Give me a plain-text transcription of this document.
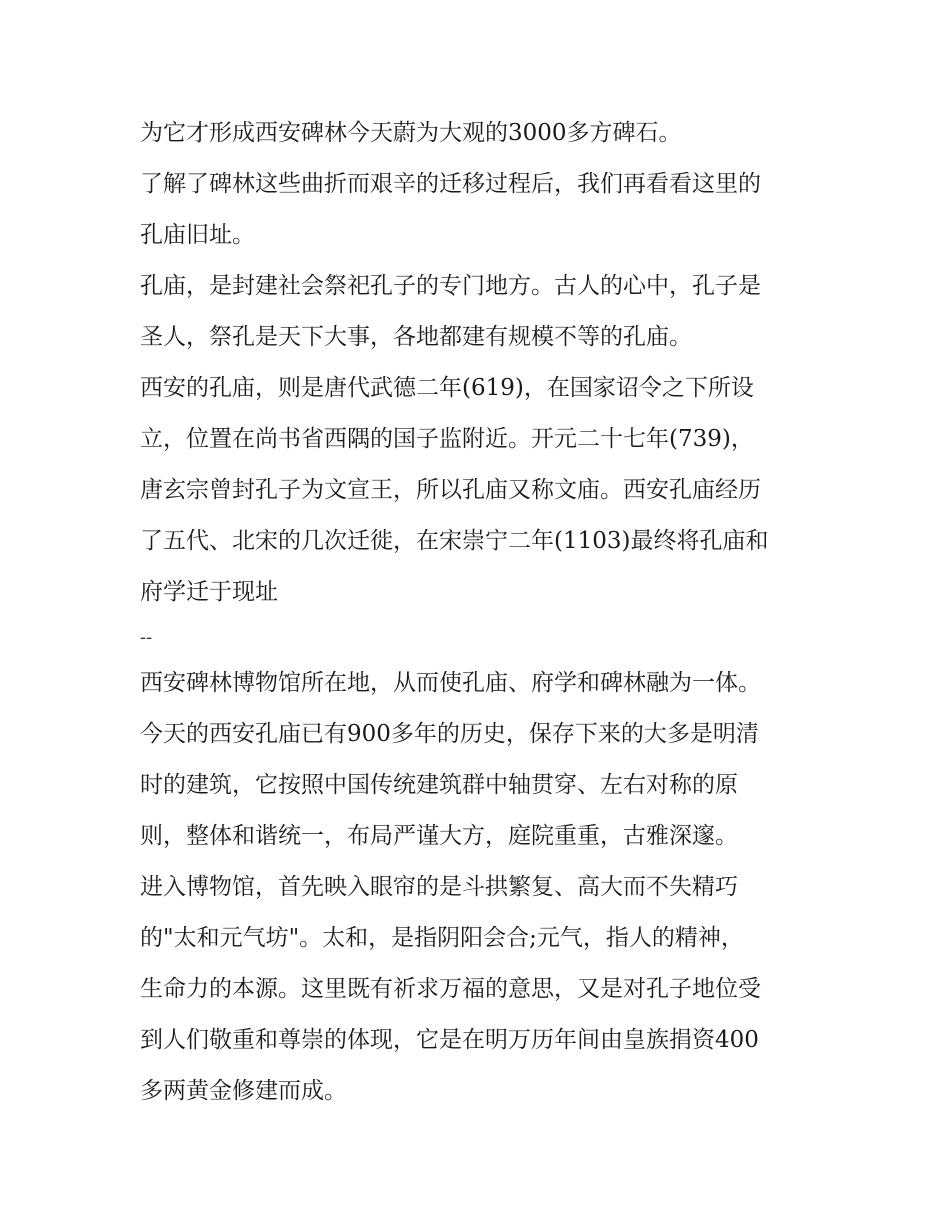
为它才形成西安碑林今天蔚为大观的3000多方碑石。
了解了碑林这些曲折而艰辛的迁移过程后，我们再看看这里的
孔庙旧址。
孔庙，是封建社会祭祀孔子的专门地方。古人的心中，孔子是
圣人，祭孔是天下大事，各地都建有规模不等的孔庙。
西安的孔庙，则是唐代武德二年(619)，在国家诏令之下所设
立，位置在尚书省西隅的国子监附近。开元二十七年(739)，
唐玄宗曾封孔子为文宣王，所以孔庙又称文庙。西安孔庙经历
了五代、北宋的几次迁徙，在宋崇宁二年(1103)最终将孔庙和
府学迁于现址
--
西安碑林博物馆所在地，从而使孔庙、府学和碑林融为一体。
今天的西安孔庙已有900多年的历史，保存下来的大多是明清
时的建筑，它按照中国传统建筑群中轴贯穿、左右对称的原
则，整体和谐统一，布局严谨大方，庭院重重，古雅深邃。
进入博物馆，首先映入眼帘的是斗拱繁复、高大而不失精巧
的"太和元气坊"。太和，是指阴阳会合;元气，指人的精神，
生命力的本源。这里既有祈求万福的意思，又是对孔子地位受
到人们敬重和尊崇的体现，它是在明万历年间由皇族捐资400
多两黄金修建而成。
